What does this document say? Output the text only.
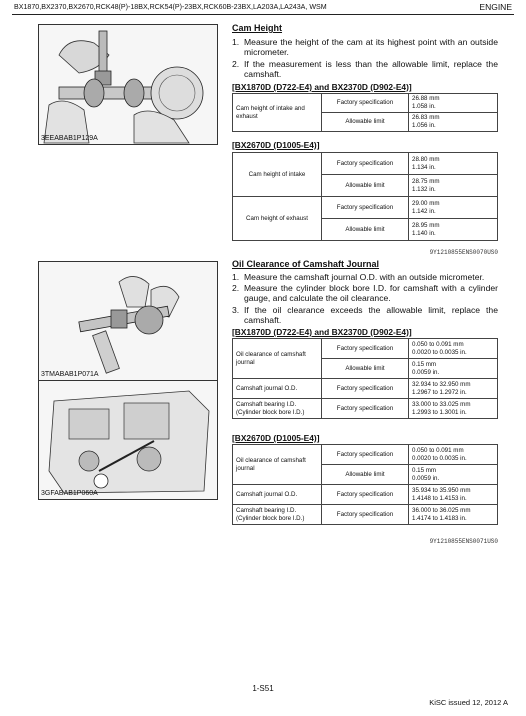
BX1870,BX2370,BX2670,RCK48(P)-18BX,RCK54(P)-23BX,RCK60B-23BX,LA203A,LA243A, WSM	ENGINE
3EEABAB1P129A
Cam Height
1. Measure the height of the cam at its highest point with an outside micrometer.
2. If the measurement is less than the allowable limit, replace the camshaft.
[BX1870D (D722-E4) and BX2370D (D902-E4)]
Cam height of intake and exhaust	Factory specification	26.88 mm
1.058 in.
	Allowable limit	26.83 mm
1.056 in.
[BX2670D (D1005-E4)]
Cam height of intake	Factory specification	28.80 mm
1.134 in.
	Allowable limit	28.75 mm
1.132 in.
Cam height of exhaust	Factory specification	29.00 mm
1.142 in.
	Allowable limit	28.95 mm
1.140 in.
9Y1210855ENS0070US0
3TMABAB1P071A
3GFABAB1P060A
Oil Clearance of Camshaft Journal
1. Measure the camshaft journal O.D. with an outside micrometer.
2. Measure the cylinder block bore I.D. for camshaft with a cylinder gauge, and calculate the oil clearance.
3. If the oil clearance exceeds the allowable limit, replace the camshaft.
[BX1870D (D722-E4) and BX2370D (D902-E4)]
Oil clearance of camshaft journal	Factory specification	0.050 to 0.091 mm
0.0020 to 0.0035 in.
	Allowable limit	0.15 mm
0.0059 in.
Camshaft journal O.D.	Factory specification	32.934 to 32.950 mm
1.2967 to 1.2972 in.
Camshaft bearing I.D.
(Cylinder block bore I.D.)	Factory specification	33.000 to 33.025 mm
1.2993 to 1.3001 in.
[BX2670D (D1005-E4)]
Oil clearance of camshaft journal	Factory specification	0.050 to 0.091 mm
0.0020 to 0.0035 in.
	Allowable limit	0.15 mm
0.0059 in.
Camshaft journal O.D.	Factory specification	35.934 to 35.950 mm
1.4148 to 1.4153 in.
Camshaft bearing I.D.
(Cylinder block bore I.D.)	Factory specification	36.000 to 36.025 mm
1.4174 to 1.4183 in.
9Y1210855ENS0071US0
1-S51
KiSC issued 12, 2012 A
